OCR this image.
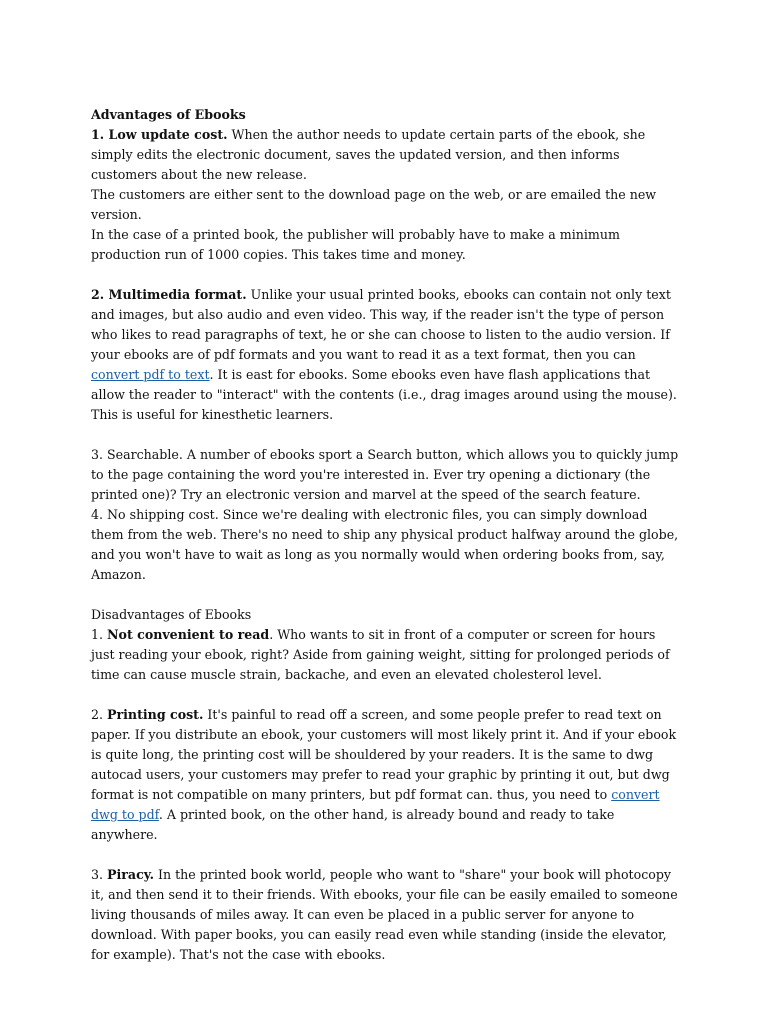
Advantages of Ebooks
1. Low update cost. When the author needs to update certain parts of the ebook, she simply edits the electronic document, saves the updated version, and then informs customers about the new release.
The customers are either sent to the download page on the web, or are emailed the new version.
In the case of a printed book, the publisher will probably have to make a minimum production run of 1000 copies. This takes time and money.
2. Multimedia format. Unlike your usual printed books, ebooks can contain not only text and images, but also audio and even video. This way, if the reader isn't the type of person who likes to read paragraphs of text, he or she can choose to listen to the audio version. If your ebooks are of pdf formats and you want to read it as a text format, then you can convert pdf to text. It is east for ebooks. Some ebooks even have flash applications that allow the reader to "interact" with the contents (i.e., drag images around using the mouse). This is useful for kinesthetic learners.
3. Searchable. A number of ebooks sport a Search button, which allows you to quickly jump to the page containing the word you're interested in. Ever try opening a dictionary (the printed one)? Try an electronic version and marvel at the speed of the search feature.
4. No shipping cost. Since we're dealing with electronic files, you can simply download them from the web. There's no need to ship any physical product halfway around the globe, and you won't have to wait as long as you normally would when ordering books from, say, Amazon.
Disadvantages of Ebooks
1. Not convenient to read. Who wants to sit in front of a computer or screen for hours just reading your ebook, right? Aside from gaining weight, sitting for prolonged periods of time can cause muscle strain, backache, and even an elevated cholesterol level.
2. Printing cost. It's painful to read off a screen, and some people prefer to read text on paper. If you distribute an ebook, your customers will most likely print it. And if your ebook is quite long, the printing cost will be shouldered by your readers. It is the same to dwg autocad users, your customers may prefer to read your graphic by printing it out, but dwg format is not compatible on many printers, but pdf format can. thus, you need to convert dwg to pdf. A printed book, on the other hand, is already bound and ready to take anywhere.
3. Piracy. In the printed book world, people who want to "share" your book will photocopy it, and then send it to their friends. With ebooks, your file can be easily emailed to someone living thousands of miles away. It can even be placed in a public server for anyone to download. With paper books, you can easily read even while standing (inside the elevator, for example). That's not the case with ebooks.
